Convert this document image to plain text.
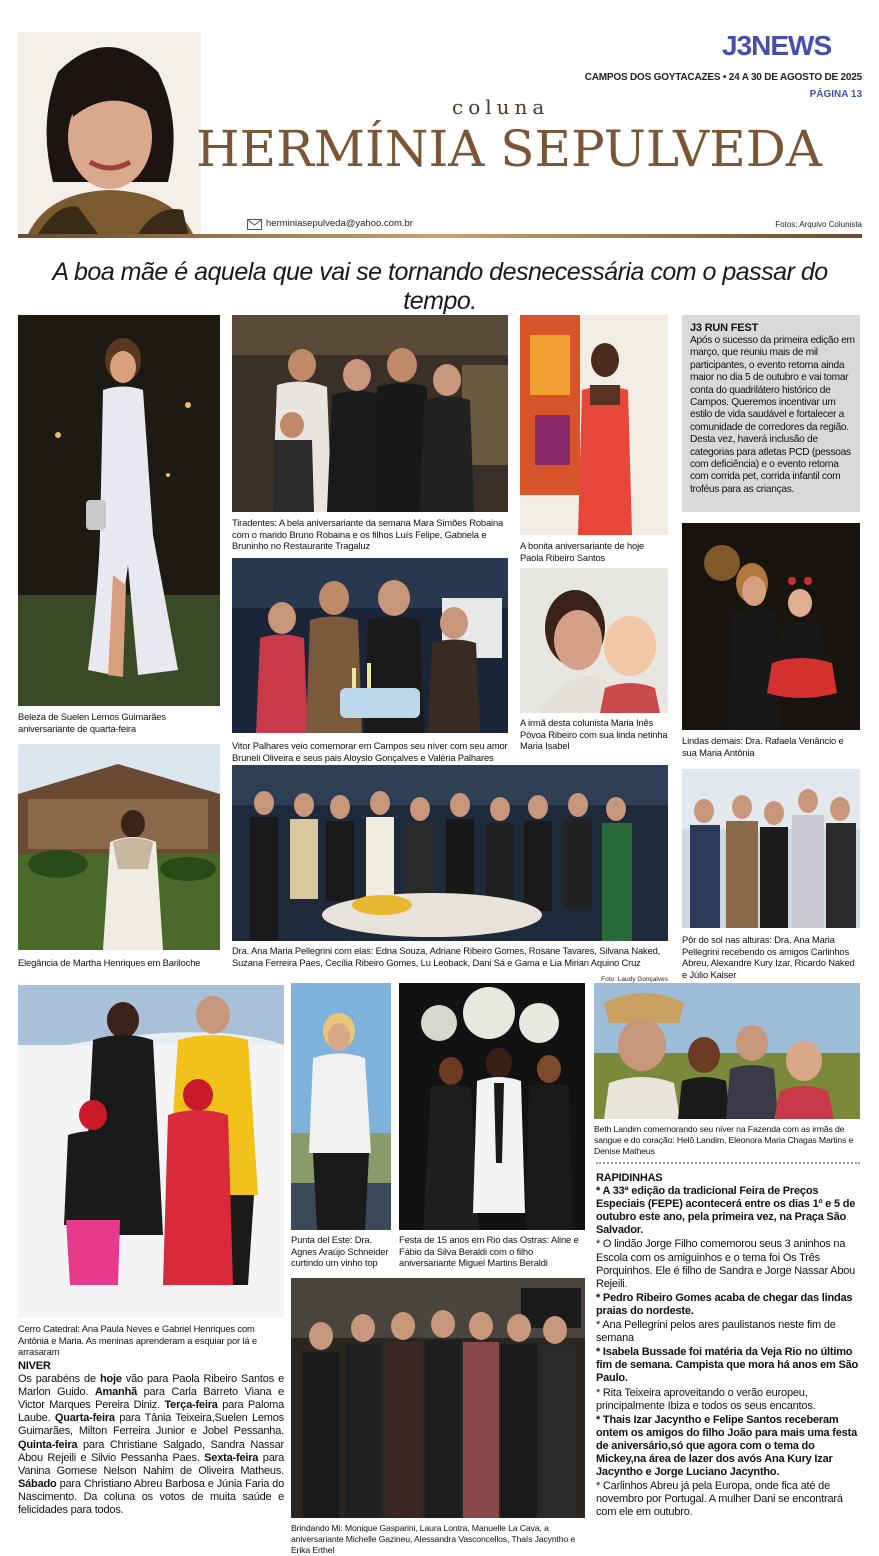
J3NEWS
CAMPOS DOS GOYTACAZES • 24 A 30 DE AGOSTO DE 2025
PÁGINA 13
coluna
HERMÍNIA SEPULVEDA
herminiasepulveda@yahoo.com.br	Fotos: Arquivo Colunista
A boa mãe é aquela que vai se tornando desnecessária com o passar do tempo.
Beleza de Suelen Lemos Guimarães aniversariante de quarta-feira
Tiradentes: A bela aniversariante da semana Mara Simões Robaina com o marido Bruno Robaina e os filhos Luís Felipe, Gabriela e Bruninho no Restaurante Tragaluz	A bonita aniversariante de hoje Paola Ribeiro Santos
J3 RUN FEST
Após o sucesso da primeira edição em março, que reuniu mais de mil participantes, o evento retorna ainda maior no dia 5 de outubro e vai tomar conta do quadrilátero histórico de Campos. Queremos incentivar um estilo de vida saudável e fortalecer a comunidade de corredores da região. Desta vez, haverá inclusão de categorias para atletas PCD (pessoas com deficiência) e o evento retorna com corrida pet, corrida infantil com troféus para as crianças.
Vitor Palhares veio comemorar em Campos seu níver com seu amor Bruneli Oliveira e seus pais Aloysio Gonçalves e Valéria Palhares
A irmã desta colunista Maria Inês Póvoa Ribeiro com sua linda netinha Maria Isabel	Lindas demais: Dra. Rafaela Venâncio e sua Maria Antônia
Elegância de Martha Henriques em Bariloche
Dra. Ana Maria Pellegrini com elas: Edna Souza, Adriane Ribeiro Gomes, Rosane Tavares, Silvana Naked, Suzana Ferreira Paes, Cecília Ribeiro Gomes, Lu Leoback, Dani Sá e Gama e Lia Mirian Aquino Cruz
Foto: Laudy Gonçalves
Pôr do sol nas alturas: Dra. Ana Maria Pellegrini recebendo os amigos Carlinhos Abreu, Alexandre Kury Izar, Ricardo Naked e Júlio Kaiser
Cerro Catedral: Ana Paula Neves e Gabriel Henriques com Antônia e Maria. As meninas aprenderam a esquiar por lá e arrasaram
Punta del Este: Dra. Agnes Araújo Schneider curtindo um vinho top
Festa de 15 anos em Rio das Ostras: Aline e Fábio da Silva Beraldi com o filho aniversariante Miguel Martins Beraldi
Beth Landim comemorando seu níver na Fazenda com as irmãs de sangue e do coração: Helô Landim, Eleonora Maria Chagas Martins e Denise Matheus
Brindando Mi: Monique Gasparini, Laura Lontra, Manuelle La Cava, a aniversariante Michelle Gazineu, Alessandra Vasconcellos, Thaís Jacyntho e Erika Erthel
NIVER
Os parabéns de hoje vão para Paola Ribeiro Santos e Marlon Guido. Amanhã para Carla Barreto Viana e Victor Marques Pereira Diniz. Terça-feira para Paloma Laube. Quarta-feira para Tânia Teixeira,Suelen Lemos Guimarães, Milton Ferreira Junior e Jobel Pessanha. Quinta-feira para Christiane Salgado, Sandra Nassar Abou Rejeili e Silvio Pessanha Paes. Sexta-feira para Vanina Gomese Nelson Nahim de Oliveira Matheus. Sábado para Christiano Abreu Barbosa e Júnia Faria do Nascimento. Da coluna os votos de muita saúde e felicidades para todos.
RAPIDINHAS

* A 33ª edição da tradicional Feira de Preços Especiais (FEPE) acontecerá entre os dias 1º e 5 de outubro este ano, pela primeira vez, na Praça São Salvador.

* O lindão Jorge Filho comemorou seus 3 aninhos na Escola com os amiguinhos e o tema foi Os Três Porquinhos. Ele é filho de Sandra e Jorge Nassar Abou Rejeili.

* Pedro Ribeiro Gomes acaba de chegar das lindas praias do nordeste.

* Ana Pellegrini pelos ares paulistanos neste fim de semana

* Isabela Bussade foi matéria da Veja Rio no último fim de semana. Campista que mora há anos em São Paulo.

* Rita Teixeira aproveitando o verão europeu, principalmente Ibiza e todos os seus encantos.

* Thais Izar Jacyntho e Felipe Santos receberam ontem os amigos do filho João para mais uma festa de aniversário,só que agora com o tema do Mickey,na área de lazer dos avós Ana Kury Izar Jacyntho e Jorge Luciano Jacyntho.

* Carlinhos Abreu já pela Europa, onde fica até de novembro por Portugal. A mulher Dani se encontrará com ele em outubro.
